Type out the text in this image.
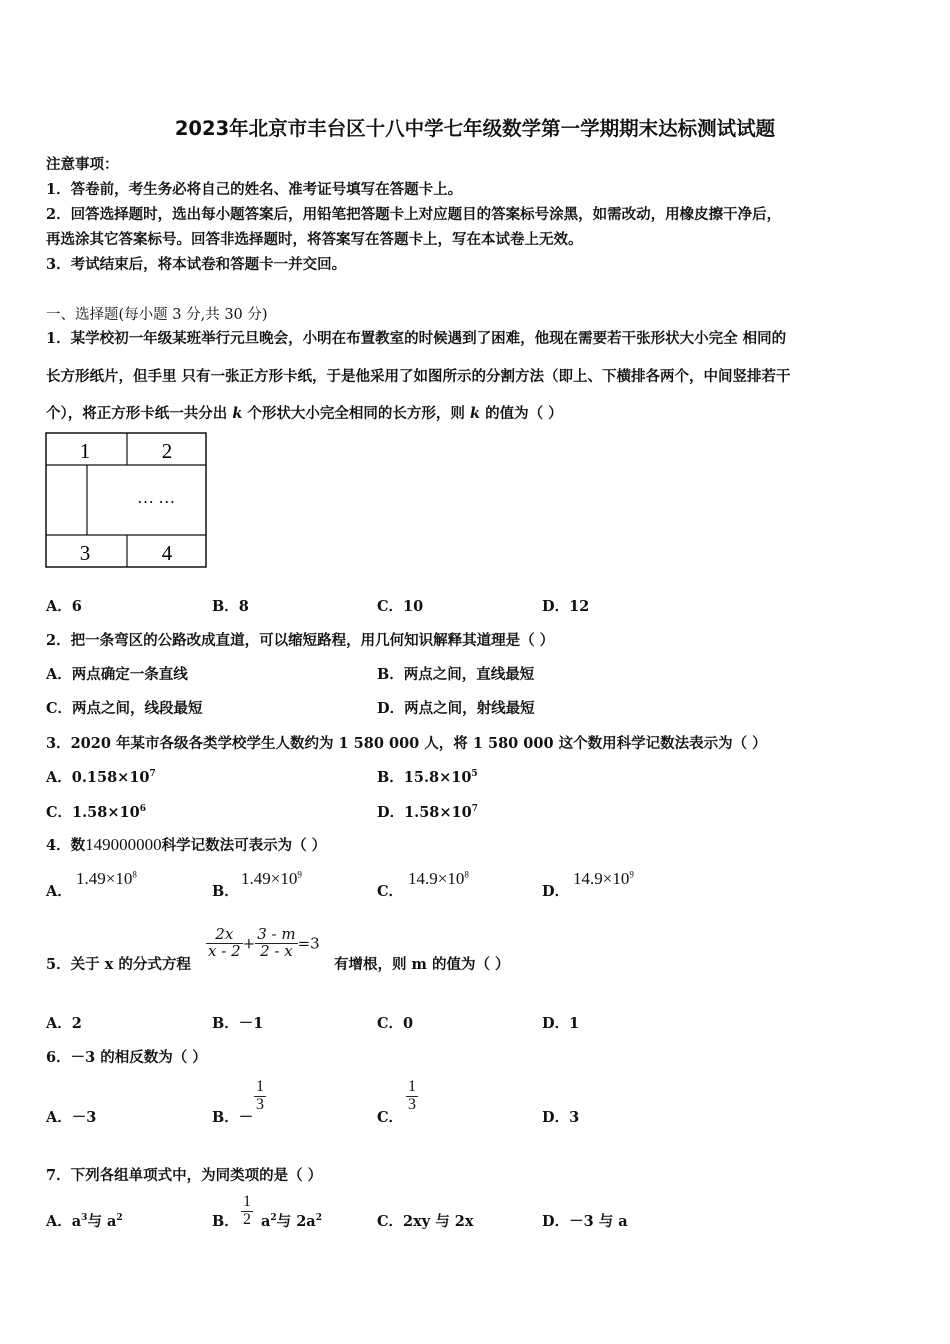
2023年北京市丰台区十八中学七年级数学第一学期期末达标测试试题
注意事项：
1．答卷前，考生务必将自己的姓名、准考证号填写在答题卡上。
2．回答选择题时，选出每小题答案后，用铅笔把答题卡上对应题目的答案标号涂黑，如需改动，用橡皮擦干净后，
再选涂其它答案标号。回答非选择题时，将答案写在答题卡上，写在本试卷上无效。
3．考试结束后，将本试卷和答题卡一并交回。
一、选择题(每小题 3 分,共 30 分)
1．某学校初一年级某班举行元旦晚会，小明在布置教室的时候遇到了困难，他现在需要若干张形状大小完全 相同的
长方形纸片，但手里 只有一张正方形卡纸，于是他采用了如图所示的分割方法（即上、下横排各两个，中间竖排若干
个），将正方形卡纸一共分出 k 个形状大小完全相同的长方形，则 k 的值为（ ）
1	2
… …
3	4
A．6	B．8	C．10	D．12
2．把一条弯区的公路改成直道，可以缩短路程，用几何知识解释其道理是（ ）
A．两点确定一条直线	B．两点之间，直线最短
C．两点之间，线段最短	D．两点之间，射线最短
3．2020 年某市各级各类学校学生人数约为 1 580 000 人，将 1 580 000 这个数用科学记数法表示为（ ）
A．$0.158\times 10^7$	B．$15.8\times 10^5$
C．$1.58\times 10^6$	D．$1.58\times 10^7$
4．数149000000科学记数法可表示为（ ）
A．
$1.49\times 10^8$
B．
$1.49\times 10^9$
C．
$14.9\times 10^8$
D．
$14.9\times 10^9$
5．关于 x 的分式方程
$\frac{2x}{x - 2} + \frac{3 - m}{2 - x} =3$
有增根，则 m 的值为（ ）
A．2	B．－1	C．0	D．1
6．－3 的相反数为（ ）
A．－3	B．－
$\frac{1}{3}$
C．
$\frac{1}{3}$
D．3
7．下列各组单项式中，为同类项的是（ ）
A．$a^3$与 $a^2$	B． $\frac{1}{2} a^2$与 $2a^2$	C．2xy 与 2x	D．－3 与 a
